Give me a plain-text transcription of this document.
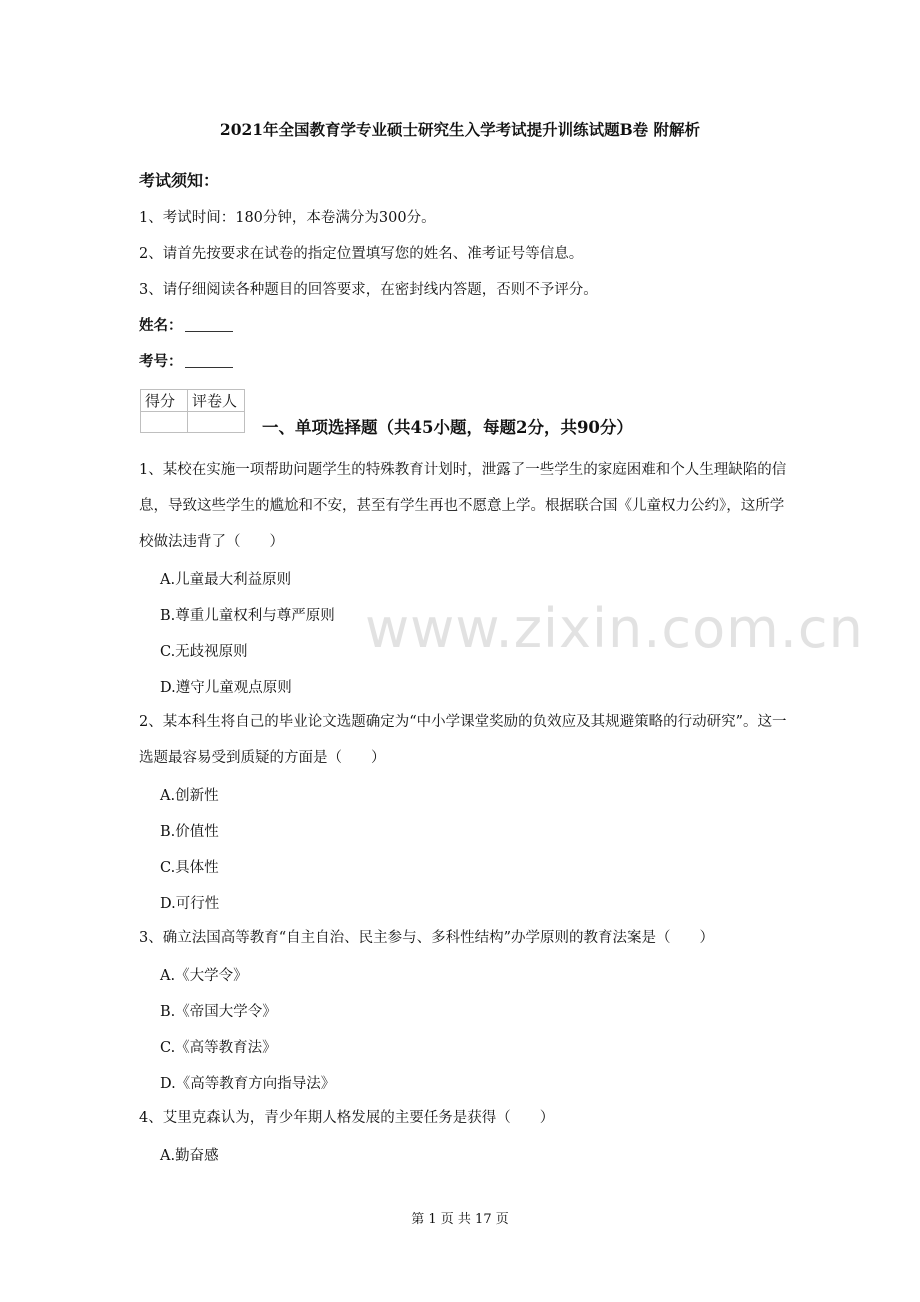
2021年全国教育学专业硕士研究生入学考试提升训练试题B卷 附解析
考试须知：
1、考试时间：180分钟，本卷满分为300分。
2、请首先按要求在试卷的指定位置填写您的姓名、准考证号等信息。
3、请仔细阅读各种题目的回答要求，在密封线内答题，否则不予评分。
姓名：
考号：
得分	评卷人

一、单项选择题（共45小题，每题2分，共90分）
1、某校在实施一项帮助问题学生的特殊教育计划时，泄露了一些学生的家庭困难和个人生理缺陷的信息，导致这些学生的尴尬和不安，甚至有学生再也不愿意上学。根据联合国《儿童权力公约》，这所学校做法违背了（　　）
A.儿童最大利益原则
B.尊重儿童权利与尊严原则
C.无歧视原则
D.遵守儿童观点原则
2、某本科生将自己的毕业论文选题确定为“中小学课堂奖励的负效应及其规避策略的行动研究”。这一选题最容易受到质疑的方面是（　　）
A.创新性
B.价值性
C.具体性
D.可行性
3、确立法国高等教育“自主自治、民主参与、多科性结构”办学原则的教育法案是（　　）
A.《大学令》
B.《帝国大学令》
C.《高等教育法》
D.《高等教育方向指导法》
4、艾里克森认为，青少年期人格发展的主要任务是获得（　　）
A.勤奋感
www.zixin.com.cn
第 1 页 共 17 页
